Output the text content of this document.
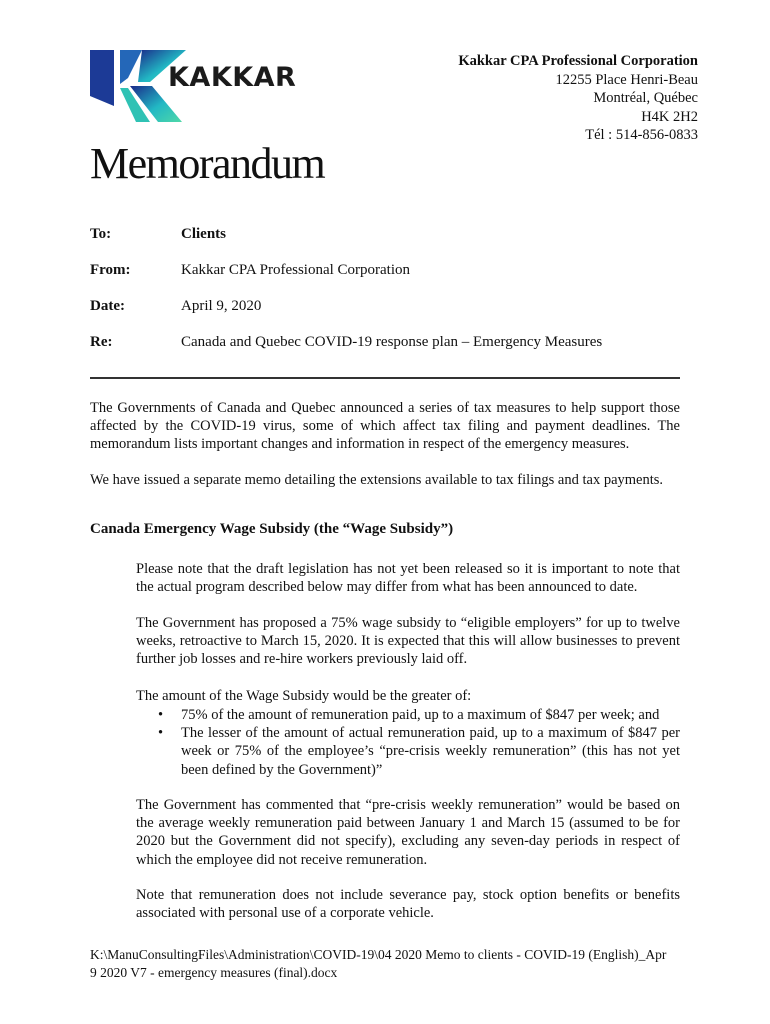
KAKKAR
Kakkar CPA Professional Corporation
12255 Place Henri-Beau
Montréal, Québec
H4K 2H2
Tél : 514-856-0833
Memorandum
To:	Clients
From:	Kakkar CPA Professional Corporation
Date:	April 9, 2020
Re:	Canada and Quebec COVID-19 response plan – Emergency Measures

The Governments of Canada and Quebec announced a series of tax measures to help support those affected by the COVID-19 virus, some of which affect tax filing and payment deadlines. The memorandum lists important changes and information in respect of the emergency measures.

We have issued a separate memo detailing the extensions available to tax filings and tax payments.

Canada Emergency Wage Subsidy (the “Wage Subsidy”)

Please note that the draft legislation has not yet been released so it is important to note that the actual program described below may differ from what has been announced to date.

The Government has proposed a 75% wage subsidy to “eligible employers” for up to twelve weeks, retroactive to March 15, 2020. It is expected that this will allow businesses to prevent further job losses and re-hire workers previously laid off.

The amount of the Wage Subsidy would be the greater of:

• 75% of the amount of remuneration paid, up to a maximum of $847 per week; and
• The lesser of the amount of actual remuneration paid, up to a maximum of $847 per week or 75% of the employee’s “pre-crisis weekly remuneration” (this has not yet been defined by the Government)”

The Government has commented that “pre-crisis weekly remuneration” would be based on the average weekly remuneration paid between January 1 and March 15 (assumed to be for 2020 but the Government did not specify), excluding any seven-day periods in respect of which the employee did not receive remuneration.

Note that remuneration does not include severance pay, stock option benefits or benefits associated with personal use of a corporate vehicle.

K:\ManuConsultingFiles\Administration\COVID-19\04 2020 Memo to clients - COVID-19 (English)_Apr
9 2020 V7 - emergency measures (final).docx
